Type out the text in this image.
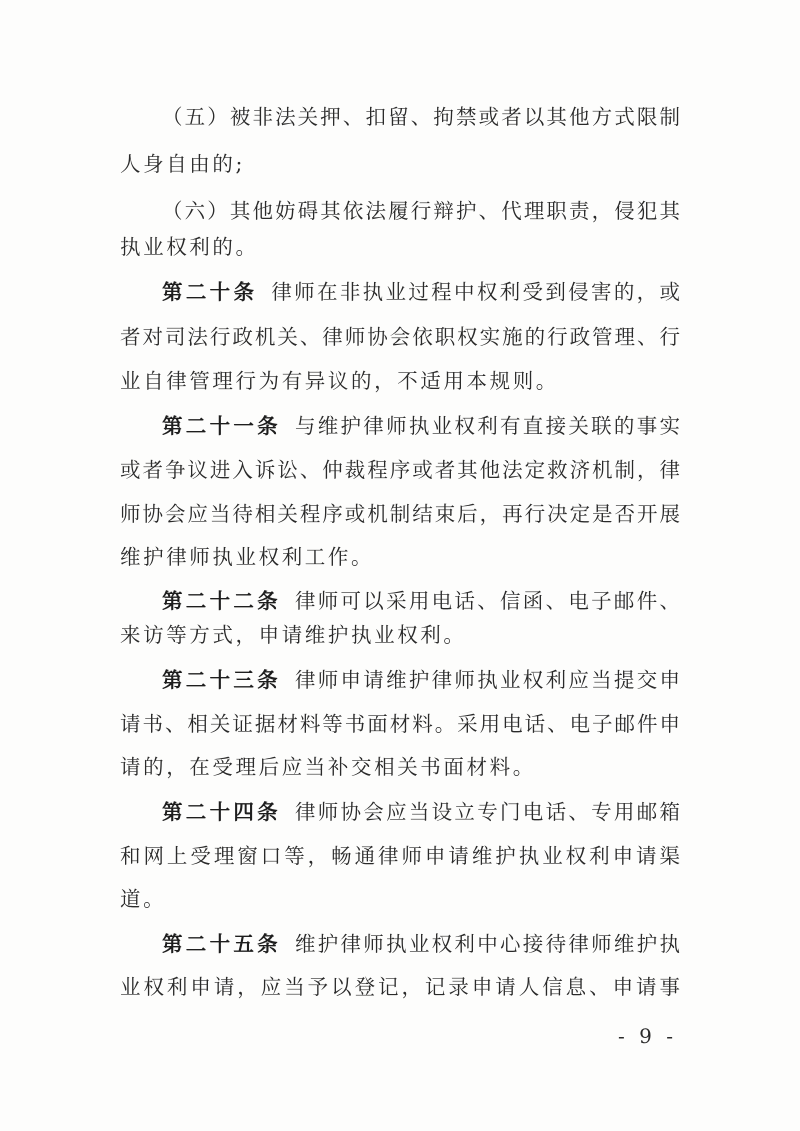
（五）被非法关押、扣留、拘禁或者以其他方式限制
人身自由的;
（六）其他妨碍其依法履行辩护、代理职责，侵犯其
执业权利的。
第二十条 律师在非执业过程中权利受到侵害的，或
者对司法行政机关、律师协会依职权实施的行政管理、行
业自律管理行为有异议的，不适用本规则。
第二十一条 与维护律师执业权利有直接关联的事实
或者争议进入诉讼、仲裁程序或者其他法定救济机制，律
师协会应当待相关程序或机制结束后，再行决定是否开展
维护律师执业权利工作。
第二十二条 律师可以采用电话、信函、电子邮件、
来访等方式，申请维护执业权利。
第二十三条 律师申请维护律师执业权利应当提交申
请书、相关证据材料等书面材料。采用电话、电子邮件申
请的，在受理后应当补交相关书面材料。
第二十四条 律师协会应当设立专门电话、专用邮箱
和网上受理窗口等，畅通律师申请维护执业权利申请渠
道。
第二十五条 维护律师执业权利中心接待律师维护执
业权利申请，应当予以登记，记录申请人信息、申请事
- 9 -
